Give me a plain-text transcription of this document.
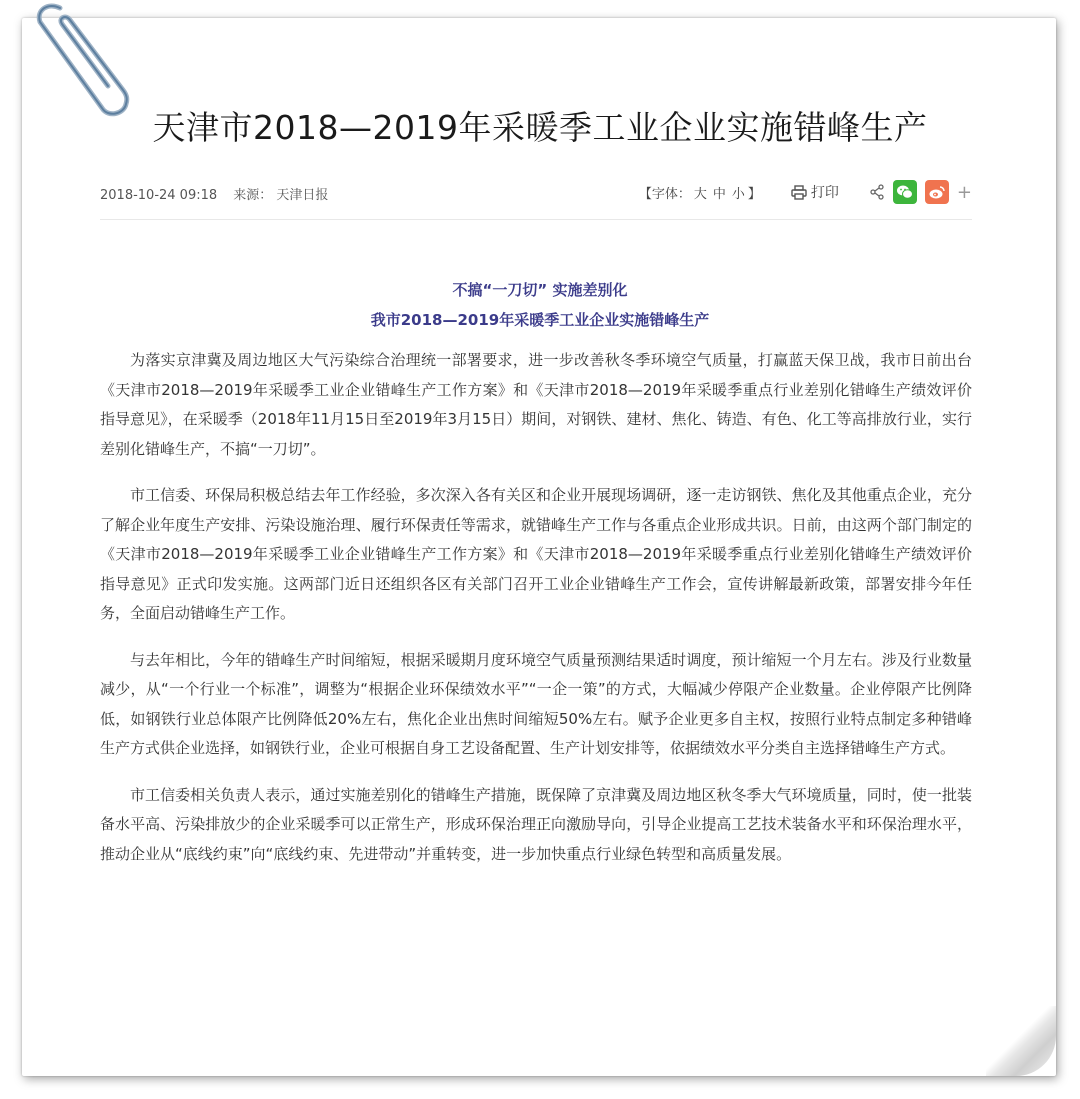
天津市2018—2019年采暖季工业企业实施错峰生产
2018-10-24 09:18 来源： 天津日报	【字体： 大 中 小 】	打印	+
不搞“一刀切” 实施差别化
我市2018—2019年采暖季工业企业实施错峰生产

为落实京津冀及周边地区大气污染综合治理统一部署要求，进一步改善秋冬季环境空气质量，打赢蓝天保卫战，我市日前出台《天津市2018—2019年采暖季工业企业错峰生产工作方案》和《天津市2018—2019年采暖季重点行业差别化错峰生产绩效评价指导意见》，在采暖季（2018年11月15日至2019年3月15日）期间，对钢铁、建材、焦化、铸造、有色、化工等高排放行业，实行差别化错峰生产，不搞“一刀切”。

市工信委、环保局积极总结去年工作经验，多次深入各有关区和企业开展现场调研，逐一走访钢铁、焦化及其他重点企业，充分了解企业年度生产安排、污染设施治理、履行环保责任等需求，就错峰生产工作与各重点企业形成共识。日前，由这两个部门制定的《天津市2018—2019年采暖季工业企业错峰生产工作方案》和《天津市2018—2019年采暖季重点行业差别化错峰生产绩效评价指导意见》正式印发实施。这两部门近日还组织各区有关部门召开工业企业错峰生产工作会，宣传讲解最新政策，部署安排今年任务，全面启动错峰生产工作。

与去年相比，今年的错峰生产时间缩短，根据采暖期月度环境空气质量预测结果适时调度，预计缩短一个月左右。涉及行业数量减少，从“一个行业一个标准”，调整为“根据企业环保绩效水平”“一企一策”的方式，大幅减少停限产企业数量。企业停限产比例降低，如钢铁行业总体限产比例降低20%左右，焦化企业出焦时间缩短50%左右。赋予企业更多自主权，按照行业特点制定多种错峰生产方式供企业选择，如钢铁行业，企业可根据自身工艺设备配置、生产计划安排等，依据绩效水平分类自主选择错峰生产方式。

市工信委相关负责人表示，通过实施差别化的错峰生产措施，既保障了京津冀及周边地区秋冬季大气环境质量，同时，使一批装备水平高、污染排放少的企业采暖季可以正常生产，形成环保治理正向激励导向，引导企业提高工艺技术装备水平和环保治理水平，推动企业从“底线约束”向“底线约束、先进带动”并重转变，进一步加快重点行业绿色转型和高质量发展。
